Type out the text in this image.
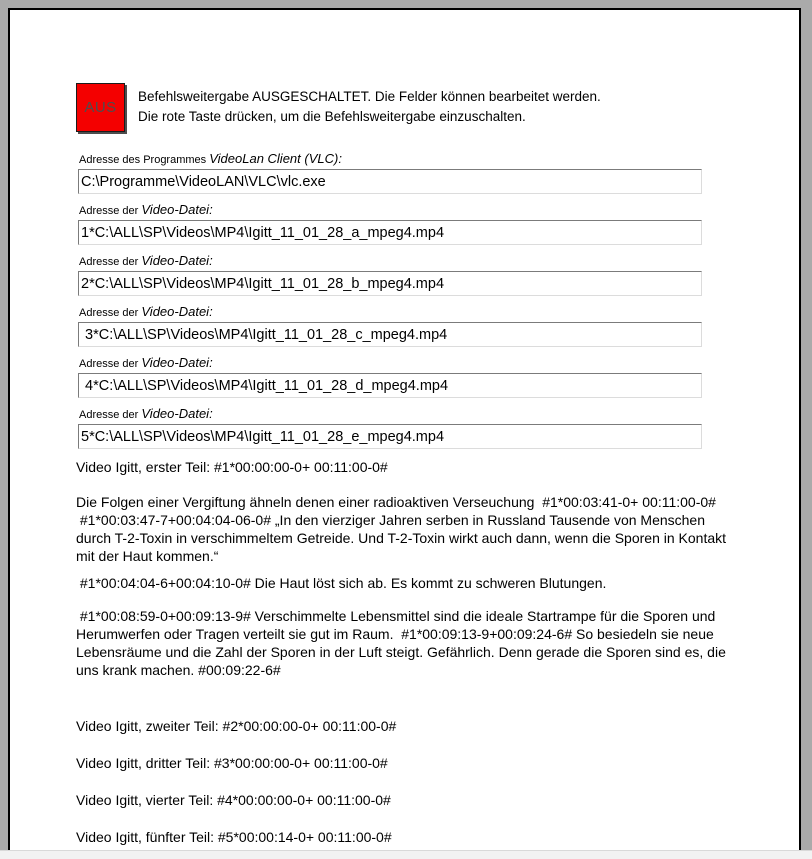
AUS
Befehlsweitergabe AUSGESCHALTET. Die Felder können bearbeitet werden.
Die rote Taste drücken, um die Befehlsweitergabe einzuschalten.
Adresse des Programmes VideoLan Client (VLC):
C:\Programme\VideoLAN\VLC\vlc.exe
Adresse der Video-Datei:
1*C:\ALL\SP\Videos\MP4\Igitt_11_01_28_a_mpeg4.mp4
Adresse der Video-Datei:
2*C:\ALL\SP\Videos\MP4\Igitt_11_01_28_b_mpeg4.mp4
Adresse der Video-Datei:
3*C:\ALL\SP\Videos\MP4\Igitt_11_01_28_c_mpeg4.mp4
Adresse der Video-Datei:
4*C:\ALL\SP\Videos\MP4\Igitt_11_01_28_d_mpeg4.mp4
Adresse der Video-Datei:
5*C:\ALL\SP\Videos\MP4\Igitt_11_01_28_e_mpeg4.mp4

Video Igitt, erster Teil: #1*00:00:00-0+ 00:11:00-0#

Die Folgen einer Vergiftung ähneln denen einer radioaktiven Verseuchung  #1*00:03:41-0+ 00:11:00-0#

#1*00:03:47-7+00:04:04-06-0# „In den vierziger Jahren serben in Russland Tausende von Menschen durch T-2-Toxin in verschimmeltem Getreide. Und T-2-Toxin wirkt auch dann, wenn die Sporen in Kontakt mit der Haut kommen.“

#1*00:04:04-6+00:04:10-0# Die Haut löst sich ab. Es kommt zu schweren Blutungen.

#1*00:08:59-0+00:09:13-9# Verschimmelte Lebensmittel sind die ideale Startrampe für die Sporen und Herumwerfen oder Tragen verteilt sie gut im Raum.  #1*00:09:13-9+00:09:24-6# So besiedeln sie neue Lebensräume und die Zahl der Sporen in der Luft steigt. Gefährlich. Denn gerade die Sporen sind es, die uns krank machen. #00:09:22-6#

Video Igitt, zweiter Teil: #2*00:00:00-0+ 00:11:00-0#

Video Igitt, dritter Teil: #3*00:00:00-0+ 00:11:00-0#

Video Igitt, vierter Teil: #4*00:00:00-0+ 00:11:00-0#

Video Igitt, fünfter Teil: #5*00:00:14-0+ 00:11:00-0#
